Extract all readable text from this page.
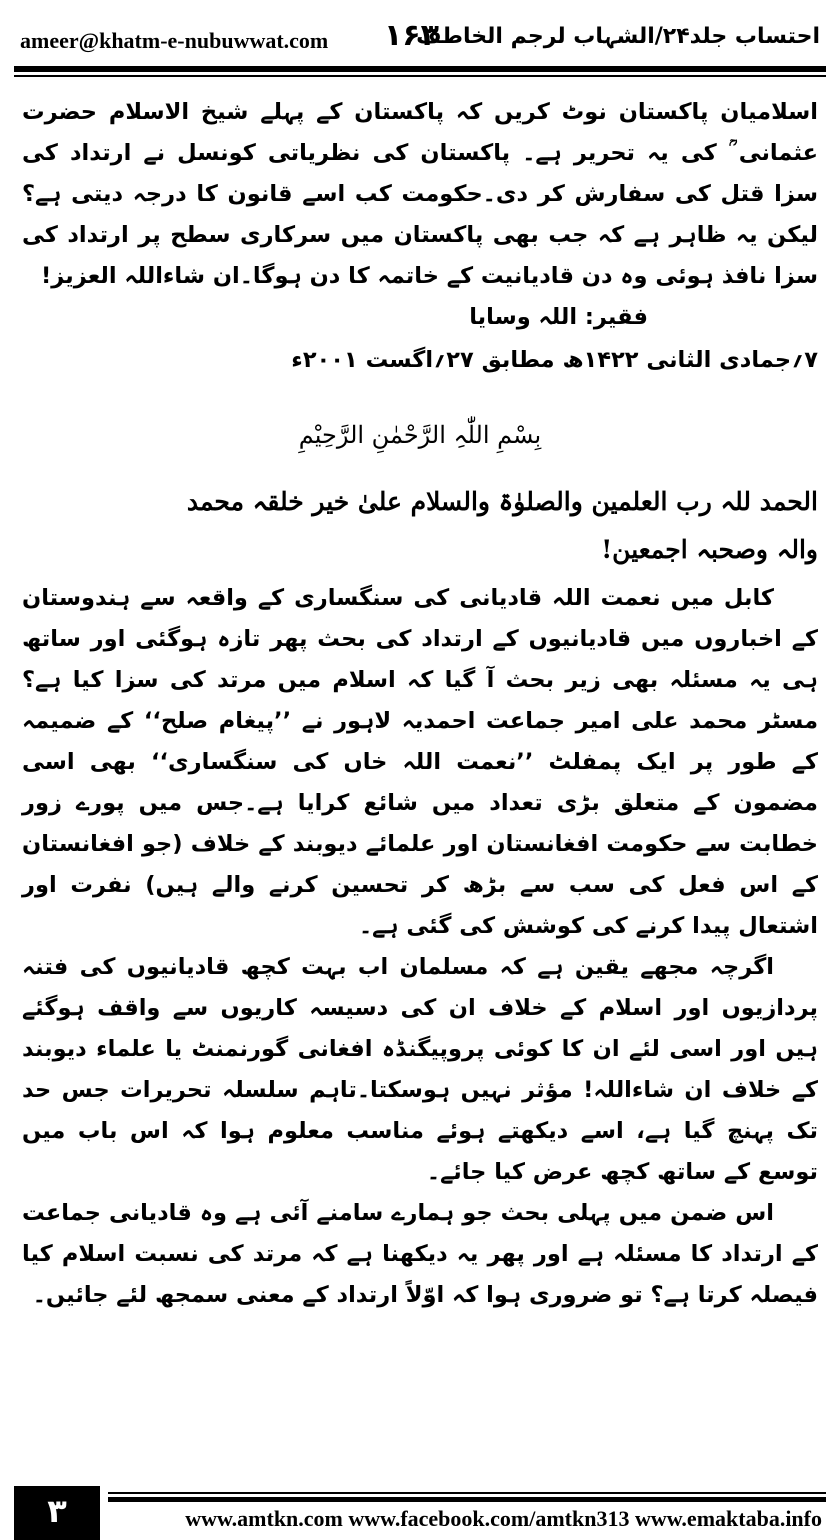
ameer@khatm-e-nubuwwat.com ۱۶۳
احتساب جلد۲۴/الشہاب لرجم الخاطف

اسلامیان پاکستان نوٹ کریں کہ پاکستان کے پہلے شیخ الاسلام حضرت عثمانی ؒ کی یہ تحریر ہے۔ پاکستان کی نظریاتی کونسل نے ارتداد کی سزا قتل کی سفارش کر دی۔حکومت کب اسے قانون کا درجہ دیتی ہے؟ لیکن یہ ظاہر ہے کہ جب بھی پاکستان میں سرکاری سطح پر ارتداد کی سزا نافذ ہوئی وہ دن قادیانیت کے خاتمہ کا دن ہوگا۔ان شاءاللہ العزیز!

فقیر: اللہ وسایا

۷؍جمادی الثانی ۱۴۲۲ھ مطابق ۲۷؍اگست ۲۰۰۱ء

بِسْمِ اللّٰہِ الرَّحْمٰنِ الرَّحِیْمِ

الحمد للہ رب العلمین والصلوٰۃ والسلام علیٰ خیر خلقہ محمد

والہ وصحبہ اجمعین!

کابل میں نعمت اللہ قادیانی کی سنگساری کے واقعہ سے ہندوستان کے اخباروں میں قادیانیوں کے ارتداد کی بحث پھر تازہ ہوگئی اور ساتھ ہی یہ مسئلہ بھی زیر بحث آ گیا کہ اسلام میں مرتد کی سزا کیا ہے؟ مسٹر محمد علی امیر جماعت احمدیہ لاہور نے ’’پیغام صلح‘‘ کے ضمیمہ کے طور پر ایک پمفلٹ ’’نعمت اللہ خاں کی سنگساری‘‘ بھی اسی مضمون کے متعلق بڑی تعداد میں شائع کرایا ہے۔جس میں پورے زور خطابت سے حکومت افغانستان اور علمائے دیوبند کے خلاف (جو افغانستان کے اس فعل کی سب سے بڑھ کر تحسین کرنے والے ہیں) نفرت اور اشتعال پیدا کرنے کی کوشش کی گئی ہے۔

اگرچہ مجھے یقین ہے کہ مسلمان اب بہت کچھ قادیانیوں کی فتنہ پردازیوں اور اسلام کے خلاف ان کی دسیسہ کاریوں سے واقف ہوگئے ہیں اور اسی لئے ان کا کوئی پروپیگنڈہ افغانی گورنمنٹ یا علماء دیوبند کے خلاف ان شاءاللہ! مؤثر نہیں ہوسکتا۔تاہم سلسلہ تحریرات جس حد تک پہنچ گیا ہے، اسے دیکھتے ہوئے مناسب معلوم ہوا کہ اس باب میں توسع کے ساتھ کچھ عرض کیا جائے۔

اس ضمن میں پہلی بحث جو ہمارے سامنے آئی ہے وہ قادیانی جماعت کے ارتداد کا مسئلہ ہے اور پھر یہ دیکھنا ہے کہ مرتد کی نسبت اسلام کیا فیصلہ کرتا ہے؟ تو ضروری ہوا کہ اوّلاً ارتداد کے معنی سمجھ لئے جائیں۔

۳	www.amtkn.com www.facebook.com/amtkn313 www.emaktaba.info
